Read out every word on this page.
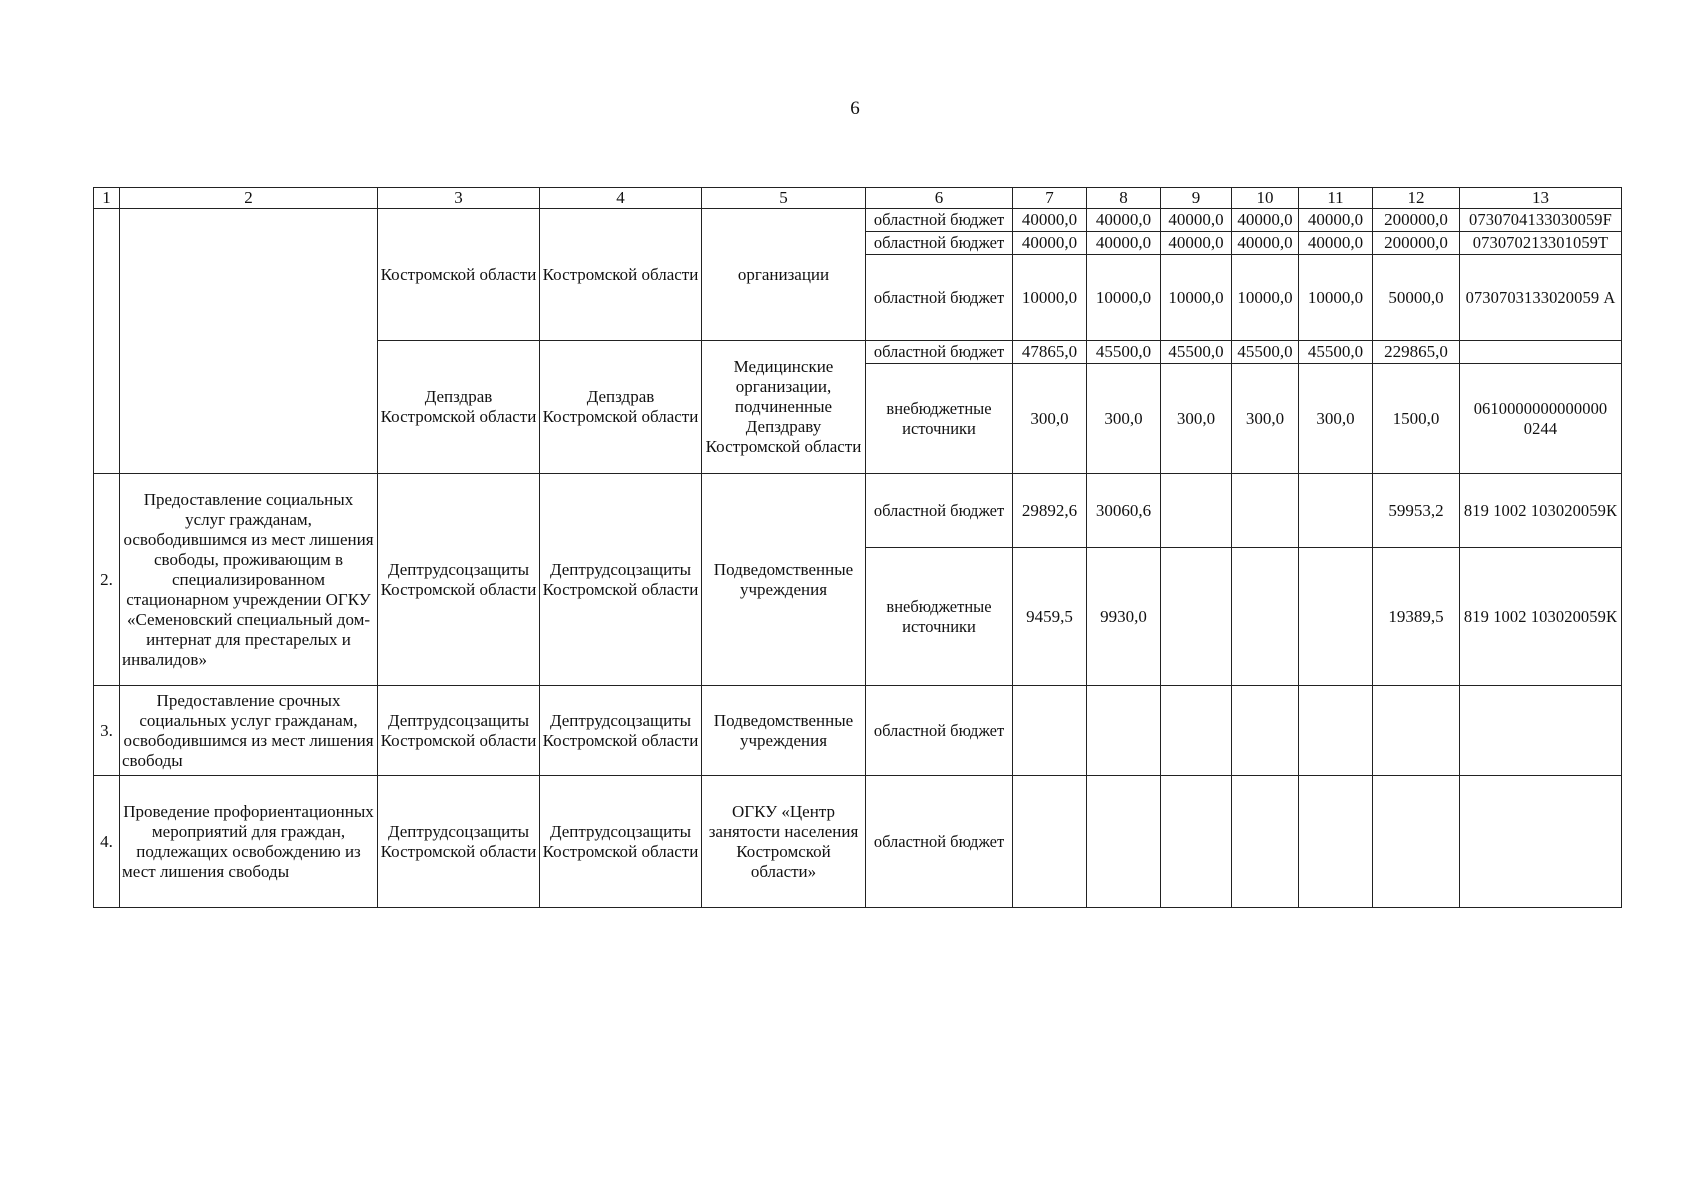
6
1	2	3	4	5	6	7	8	9	10	11	12	13
		Костромской области	Костромской области	организации	областной бюджет	40000,0	40000,0	40000,0	40000,0	40000,0	200000,0	0730704133030059F
					областной бюджет	40000,0	40000,0	40000,0	40000,0	40000,0	200000,0	073070213301059T
					областной бюджет	10000,0	10000,0	10000,0	10000,0	10000,0	50000,0	0730703133020059 А
		Депздрав Костромской области	Депздрав Костромской области	Медицинские организации, подчиненные Депздраву Костромской области	областной бюджет	47865,0	45500,0	45500,0	45500,0	45500,0	229865,0	
					внебюджетные источники	300,0	300,0	300,0	300,0	300,0	1500,0	0610000000000000 0244
2.	Предоставление социальных услуг гражданам, освободившимся из мест лишения свободы, проживающим в специализированном стационарном учреждении ОГКУ «Семеновский специальный дом-интернат для престарелых и инвалидов»	Дептрудсоцзащиты Костромской области	Дептрудсоцзащиты Костромской области	Подведомственные учреждения	областной бюджет	29892,6	30060,6				59953,2	819 1002 103020059К
					внебюджетные источники	9459,5	9930,0				19389,5	819 1002 103020059К
3.	Предоставление срочных социальных услуг гражданам, освободившимся из мест лишения свободы	Дептрудсоцзащиты Костромской области	Дептрудсоцзащиты Костромской области	Подведомственные учреждения	областной бюджет							
4.	Проведение профориентационных мероприятий для граждан, подлежащих освобождению из мест лишения свободы	Дептрудсоцзащиты Костромской области	Дептрудсоцзащиты Костромской области	ОГКУ «Центр занятости населения Костромской области»	областной бюджет							
